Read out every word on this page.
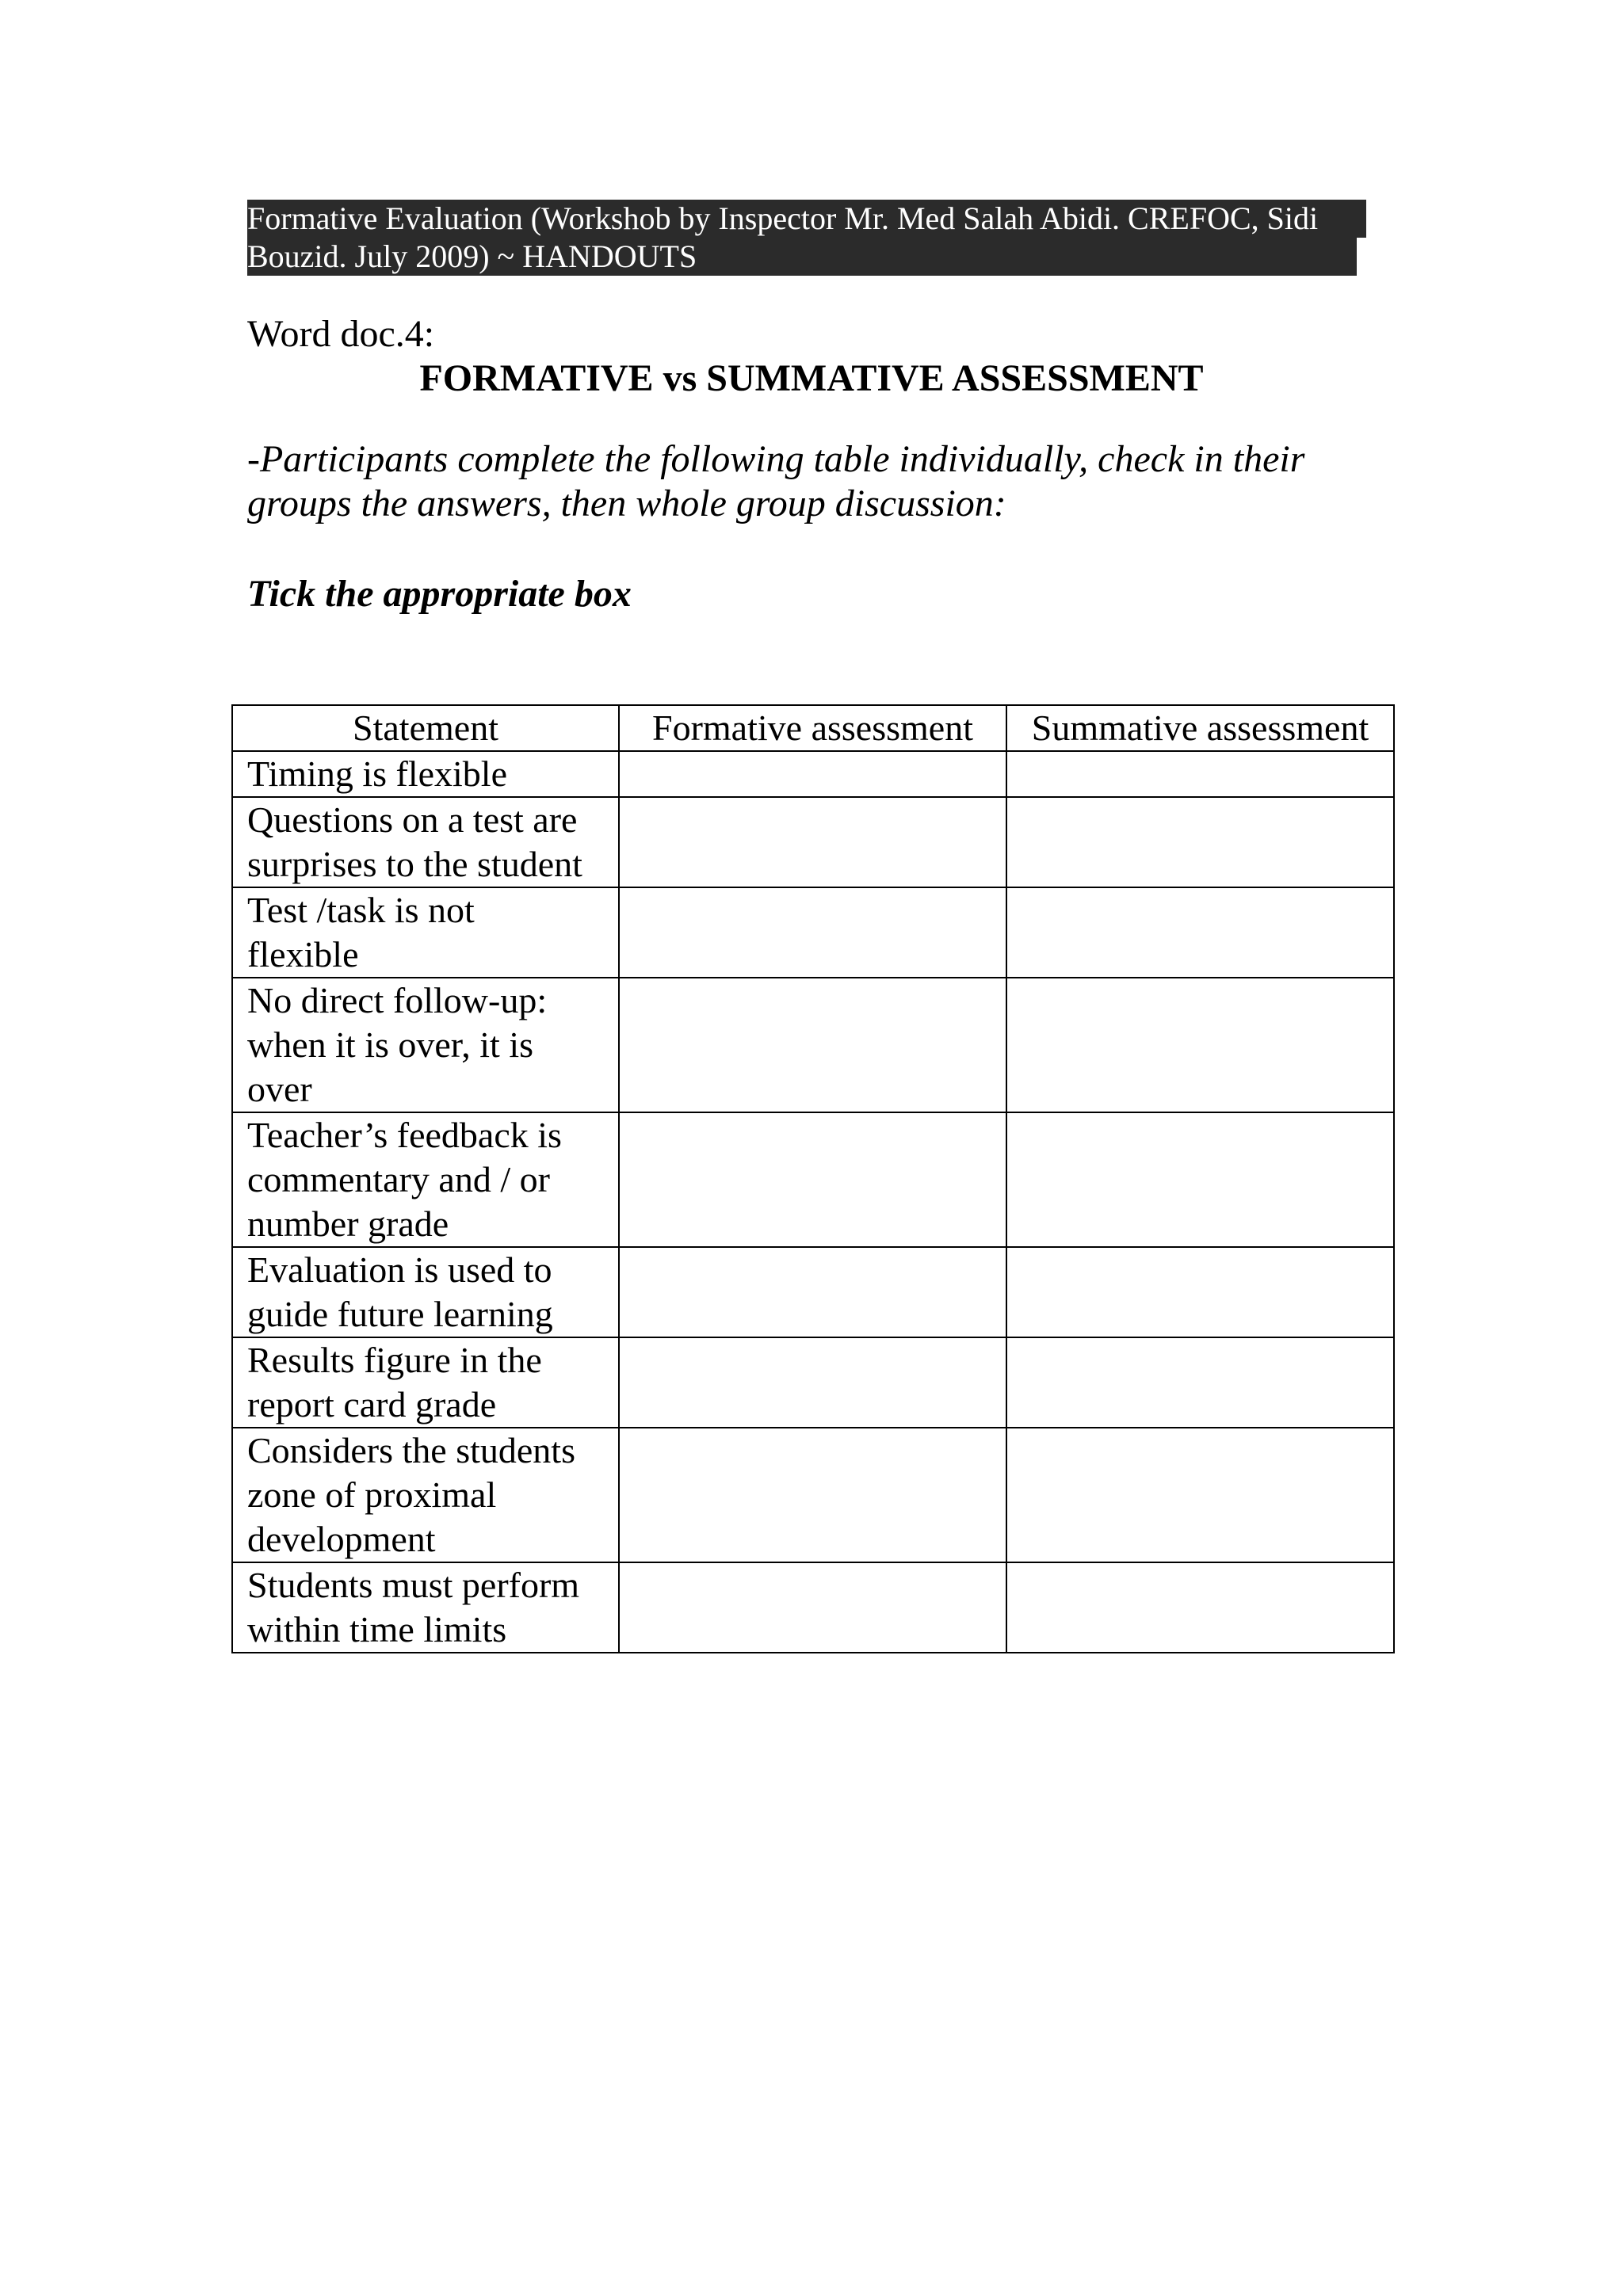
Formative Evaluation (Workshob by Inspector Mr. Med Salah Abidi. CREFOC, Sidi
Bouzid. July 2009) ~ HANDOUTS
Word doc.4:
FORMATIVE vs SUMMATIVE ASSESSMENT
-Participants complete the following table individually, check in their
groups the answers, then whole group discussion:
Tick the appropriate box
Statement	Formative assessment	Summative assessment

Timing is flexible		

Questions on a test are
surprises to the student		

Test /task is not
flexible		

No direct follow-up:
when it is over, it is
over		

Teacher’s feedback is
commentary and / or
number grade		

Evaluation is used to
guide future learning		

Results figure in the
report card grade		

Considers the students
zone of proximal
development		

Students must perform
within time limits		
